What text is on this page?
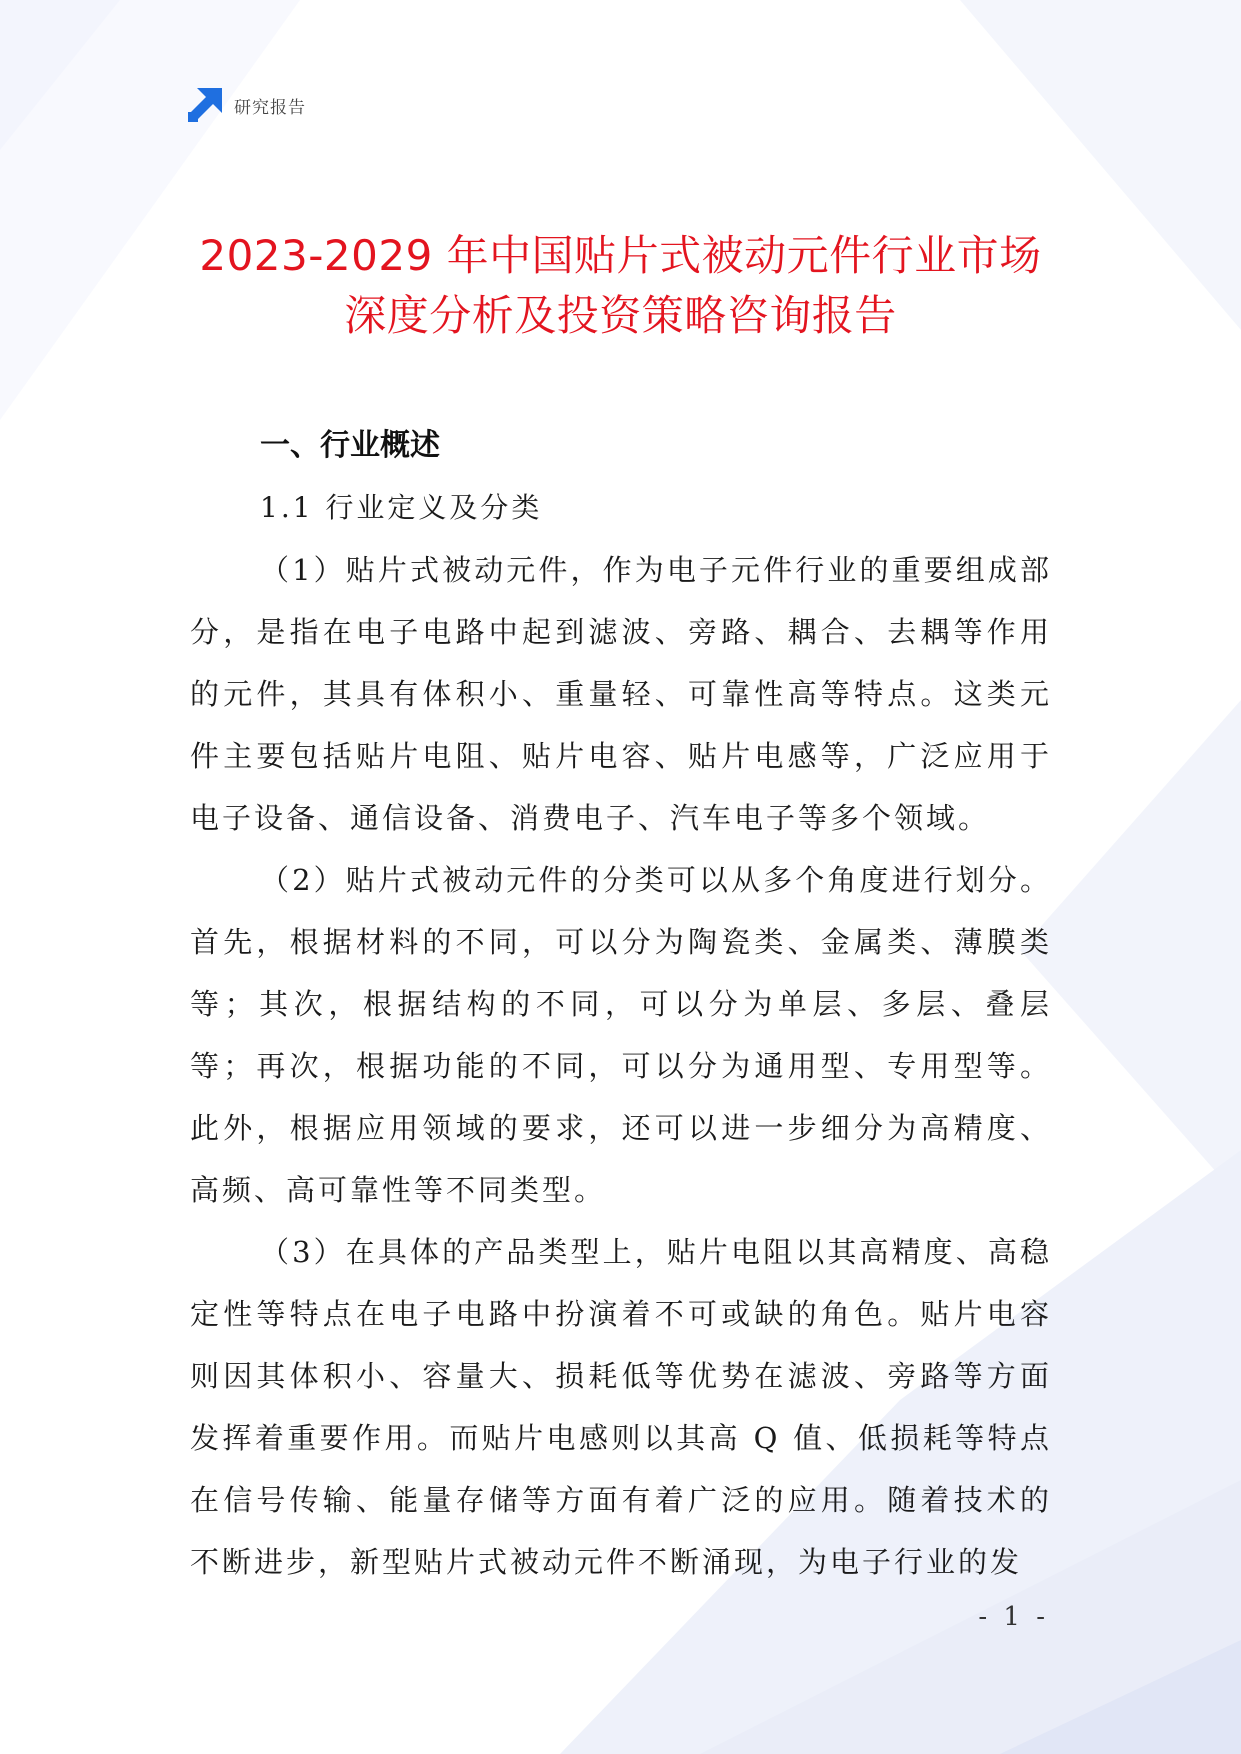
研究报告
2023-2029 年中国贴片式被动元件行业市场
深度分析及投资策略咨询报告
一、行业概述
1.1 行业定义及分类

（1）贴片式被动元件，作为电子元件行业的重要组成部分，是指在电子电路中起到滤波、旁路、耦合、去耦等作用的元件，其具有体积小、重量轻、可靠性高等特点。这类元件主要包括贴片电阻、贴片电容、贴片电感等，广泛应用于电子设备、通信设备、消费电子、汽车电子等多个领域。

（2）贴片式被动元件的分类可以从多个角度进行划分。首先，根据材料的不同，可以分为陶瓷类、金属类、薄膜类等；其次，根据结构的不同，可以分为单层、多层、叠层等；再次，根据功能的不同，可以分为通用型、专用型等。此外，根据应用领域的要求，还可以进一步细分为高精度、高频、高可靠性等不同类型。

（3）在具体的产品类型上，贴片电阻以其高精度、高稳定性等特点在电子电路中扮演着不可或缺的角色。贴片电容则因其体积小、容量大、损耗低等优势在滤波、旁路等方面发挥着重要作用。而贴片电感则以其高 Q 值、低损耗等特点在信号传输、能量存储等方面有着广泛的应用。随着技术的不断进步，新型贴片式被动元件不断涌现，为电子行业的发

- 1 -
